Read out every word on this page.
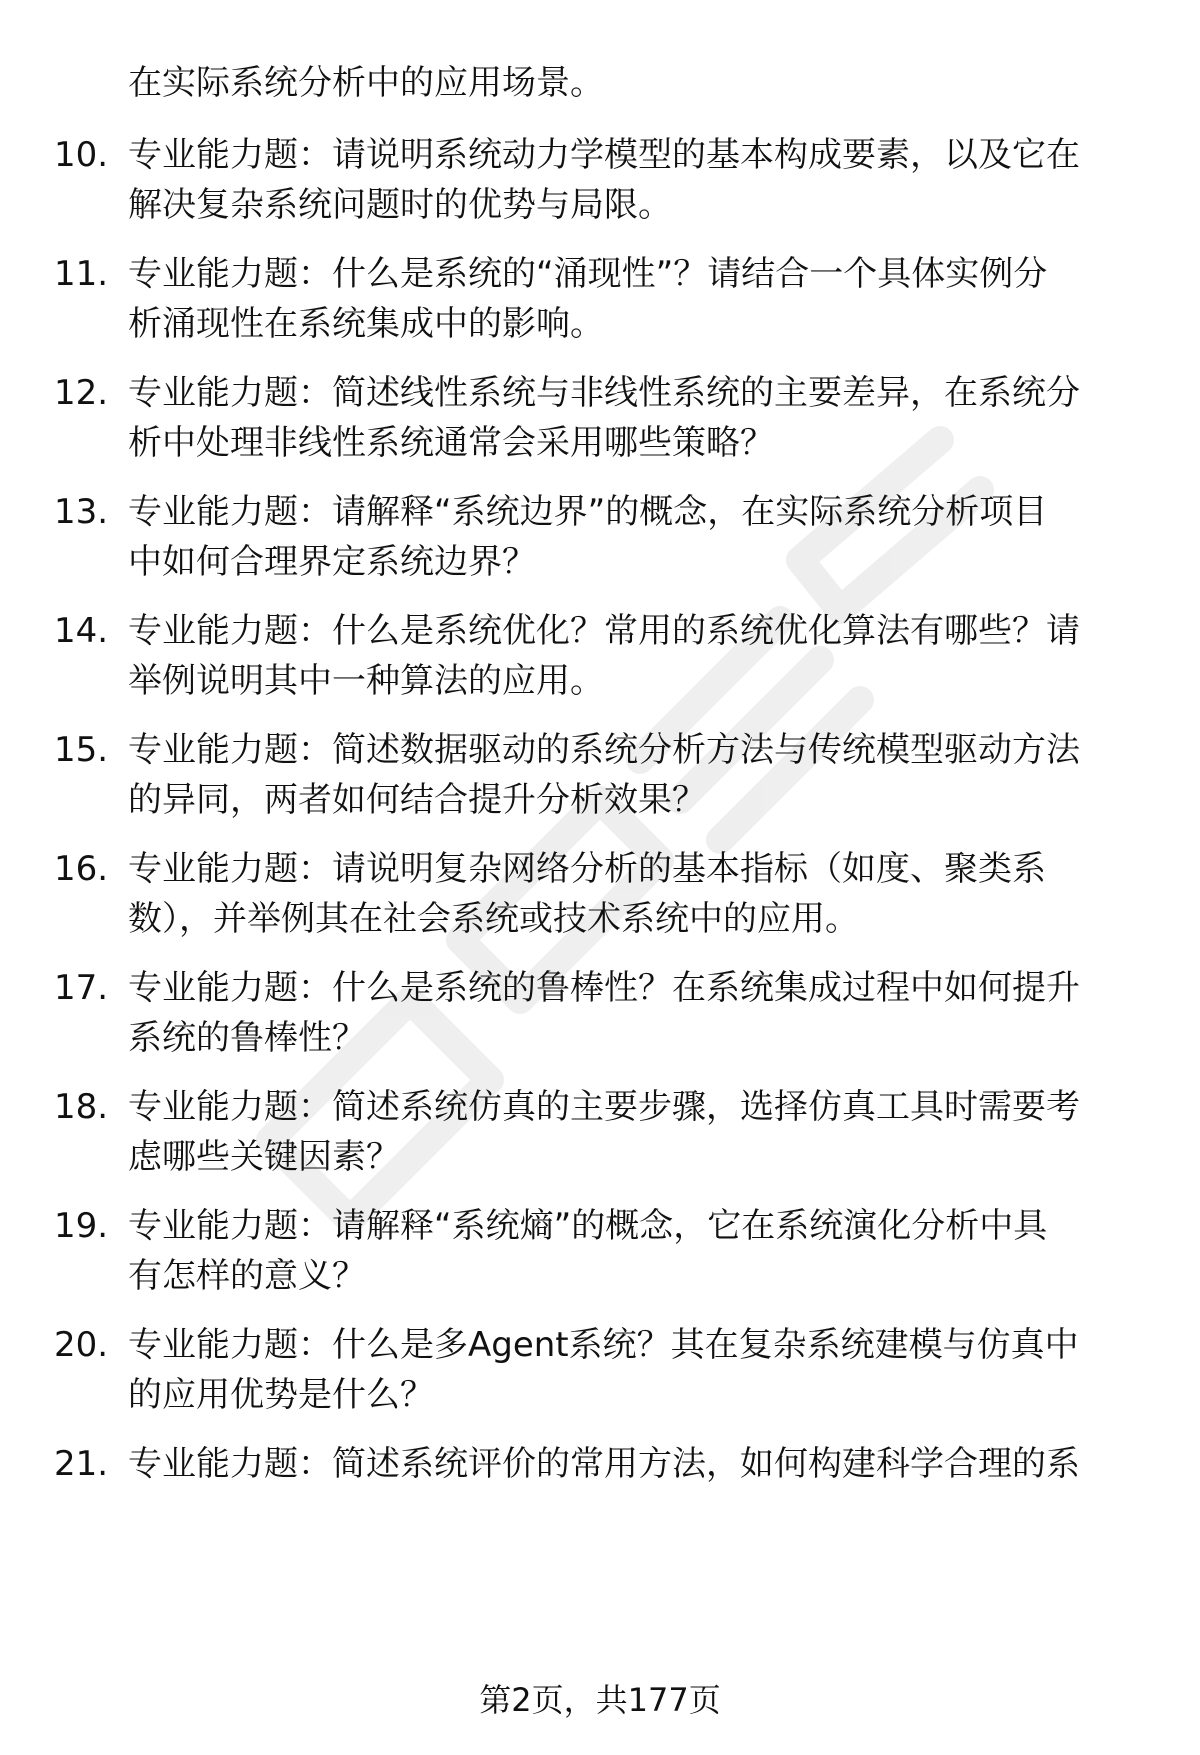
在实际系统分析中的应用场景。
10. 专业能力题：请说明系统动力学模型的基本构成要素，以及它在
解决复杂系统问题时的优势与局限。
11. 专业能力题：什么是系统的“涌现性”？请结合一个具体实例分
析涌现性在系统集成中的影响。
12. 专业能力题：简述线性系统与非线性系统的主要差异，在系统分
析中处理非线性系统通常会采用哪些策略？
13. 专业能力题：请解释“系统边界”的概念，在实际系统分析项目
中如何合理界定系统边界？
14. 专业能力题：什么是系统优化？常用的系统优化算法有哪些？请
举例说明其中一种算法的应用。
15. 专业能力题：简述数据驱动的系统分析方法与传统模型驱动方法
的异同，两者如何结合提升分析效果？
16. 专业能力题：请说明复杂网络分析的基本指标（如度、聚类系
数），并举例其在社会系统或技术系统中的应用。
17. 专业能力题：什么是系统的鲁棒性？在系统集成过程中如何提升
系统的鲁棒性？
18. 专业能力题：简述系统仿真的主要步骤，选择仿真工具时需要考
虑哪些关键因素？
19. 专业能力题：请解释“系统熵”的概念，它在系统演化分析中具
有怎样的意义？
20. 专业能力题：什么是多Agent系统？其在复杂系统建模与仿真中
的应用优势是什么？
21. 专业能力题：简述系统评价的常用方法，如何构建科学合理的系
第2页，共177页
